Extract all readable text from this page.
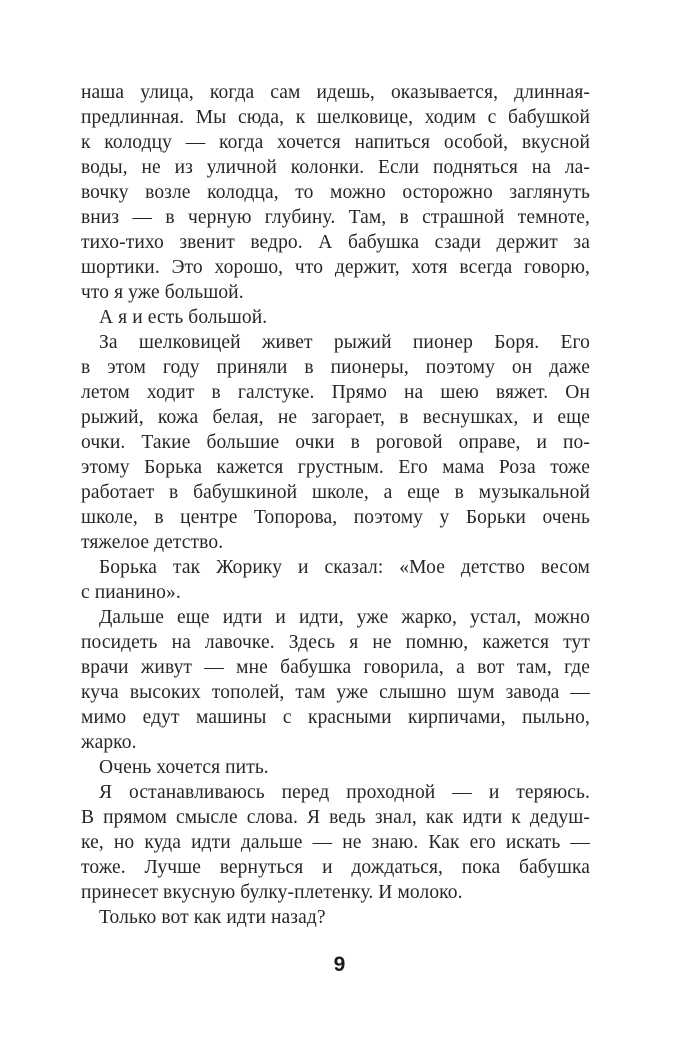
наша улица, когда сам идешь, оказывается, длинная-
предлинная. Мы сюда, к шелковице, ходим с бабушкой
к колодцу — когда хочется напиться особой, вкусной
воды, не из уличной колонки. Если подняться на ла-
вочку возле колодца, то можно осторожно заглянуть
вниз — в черную глубину. Там, в страшной темноте,
тихо-тихо звенит ведро. А бабушка сзади держит за
шортики. Это хорошо, что держит, хотя всегда говорю,
что я уже большой.
А я и есть большой.
За шелковицей живет рыжий пионер Боря. Его
в этом году приняли в пионеры, поэтому он даже
летом ходит в галстуке. Прямо на шею вяжет. Он
рыжий, кожа белая, не загорает, в веснушках, и еще
очки. Такие большие очки в роговой оправе, и по-
этому Борька кажется грустным. Его мама Роза тоже
работает в бабушкиной школе, а еще в музыкальной
школе, в центре Топорова, поэтому у Борьки очень
тяжелое детство.
Борька так Жорику и сказал: «Мое детство весом
с пианино».
Дальше еще идти и идти, уже жарко, устал, можно
посидеть на лавочке. Здесь я не помню, кажется тут
врачи живут — мне бабушка говорила, а вот там, где
куча высоких тополей, там уже слышно шум завода —
мимо едут машины с красными кирпичами, пыльно,
жарко.
Очень хочется пить.
Я останавливаюсь перед проходной — и теряюсь.
В прямом смысле слова. Я ведь знал, как идти к дедуш-
ке, но куда идти дальше — не знаю. Как его искать —
тоже. Лучше вернуться и дождаться, пока бабушка
принесет вкусную булку-плетенку. И молоко.
Только вот как идти назад?
9
